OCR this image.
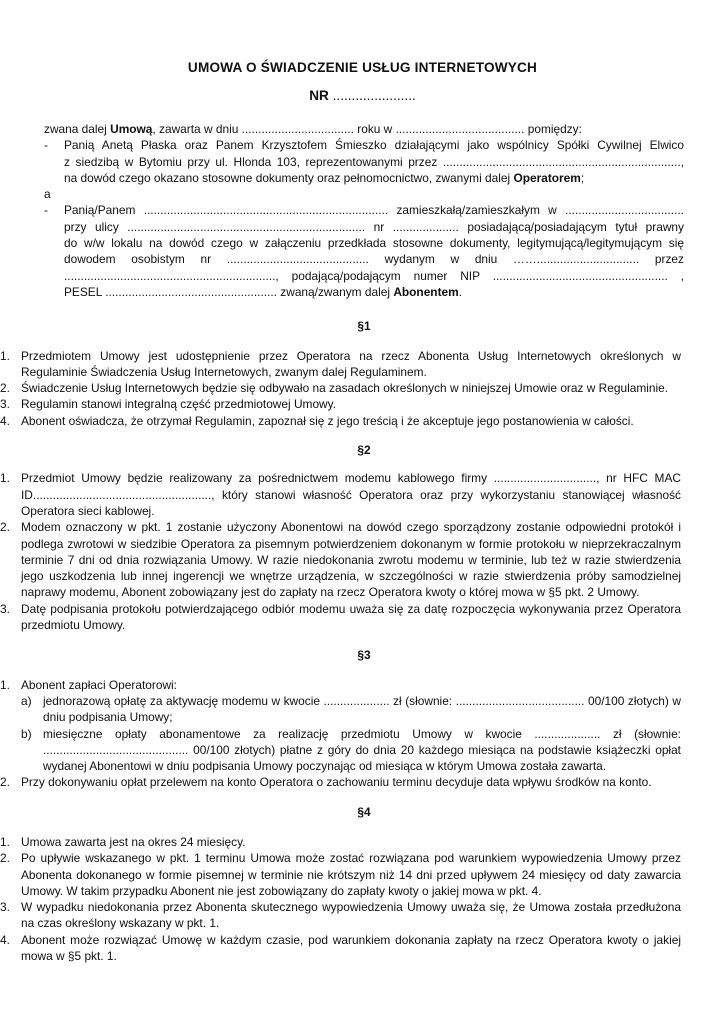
UMOWA O ŚWIADCZENIE USŁUG INTERNETOWYCH
NR ......................

zwana dalej Umową, zawarta w dniu .................................. roku w ....................................... pomiędzy:

-	Panią Anetą Płaska oraz Panem Krzysztofem Śmieszko działającymi jako wspólnicy Spółki Cywilnej Elwico
z siedzibą w Bytomiu przy ul. Hlonda 103, reprezentowanymi przez ........................................................................,
na dowód czego okazano stosowne dokumenty oraz pełnomocnictwo, zwanymi dalej Operatorem;

a

-	Panią/Panem .......................................................................... zamieszkałą/zamieszkałym w ....................................
przy ulicy ........................................................................ nr .................... posiadającą/posiadającym tytuł prawny
do w/w lokalu na dowód czego w załączeniu przedkłada stosowne dokumenty, legitymującą/legitymującym się
dowodem osobistym nr ........................................... wydanym w dniu ……............................... przez
................................................................, podającą/podającym numer NIP ..................................................... ,
PESEL .................................................... zwaną/zwanym dalej Abonentem.

§1

1. Przedmiotem Umowy jest udostępnienie przez Operatora na rzecz Abonenta Usług Internetowych określonych w Regulaminie Świadczenia Usług Internetowych, zwanym dalej Regulaminem.
2. Świadczenie Usług Internetowych będzie się odbywało na zasadach określonych w niniejszej Umowie oraz w Regulaminie.
3. Regulamin stanowi integralną część przedmiotowej Umowy.
4. Abonent oświadcza, że otrzymał Regulamin, zapoznał się z jego treścią i że akceptuje jego postanowienia w całości.

§2

1. Przedmiot Umowy będzie realizowany za pośrednictwem modemu kablowego firmy ..............................., nr HFC MAC ID......................................................, który stanowi własność Operatora oraz przy wykorzystaniu stanowiącej własność Operatora sieci kablowej.
2. Modem oznaczony w pkt. 1 zostanie użyczony Abonentowi na dowód czego sporządzony zostanie odpowiedni protokół i podlega zwrotowi w siedzibie Operatora za pisemnym potwierdzeniem dokonanym w formie protokołu w nieprzekraczalnym terminie 7 dni od dnia rozwiązania Umowy. W razie niedokonania zwrotu modemu w terminie, lub też w razie stwierdzenia jego uszkodzenia lub innej ingerencji we wnętrze urządzenia, w szczególności w razie stwierdzenia próby samodzielnej naprawy modemu, Abonent zobowiązany jest do zapłaty na rzecz Operatora kwoty o której mowa w §5 pkt. 2 Umowy.
3. Datę podpisania protokołu potwierdzającego odbiór modemu uważa się za datę rozpoczęcia wykonywania przez Operatora przedmiotu Umowy.

§3

1. Abonent zapłaci Operatorowi:
a) jednorazową opłatę za aktywację modemu w kwocie .................... zł (słownie: ....................................... 00/100 złotych) w dniu podpisania Umowy;
b) miesięczne opłaty abonamentowe za realizację przedmiotu Umowy w kwocie .................... zł (słownie: ............................................ 00/100 złotych) płatne z góry do dnia 20 każdego miesiąca na podstawie książeczki opłat wydanej Abonentowi w dniu podpisania Umowy poczynając od miesiąca w którym Umowa została zawarta.
2. Przy dokonywaniu opłat przelewem na konto Operatora o zachowaniu terminu decyduje data wpływu środków na konto.

§4

1. Umowa zawarta jest na okres 24 miesięcy.
2. Po upływie wskazanego w pkt. 1 terminu Umowa może zostać rozwiązana pod warunkiem wypowiedzenia Umowy przez Abonenta dokonanego w formie pisemnej w terminie nie krótszym niż 14 dni przed upływem 24 miesięcy od daty zawarcia Umowy. W takim przypadku Abonent nie jest zobowiązany do zapłaty kwoty o jakiej mowa w pkt. 4.
3. W wypadku niedokonania przez Abonenta skutecznego wypowiedzenia Umowy uważa się, że Umowa została przedłużona na czas określony wskazany w pkt. 1.
4. Abonent może rozwiązać Umowę w każdym czasie, pod warunkiem dokonania zapłaty na rzecz Operatora kwoty o jakiej mowa w §5 pkt. 1.
